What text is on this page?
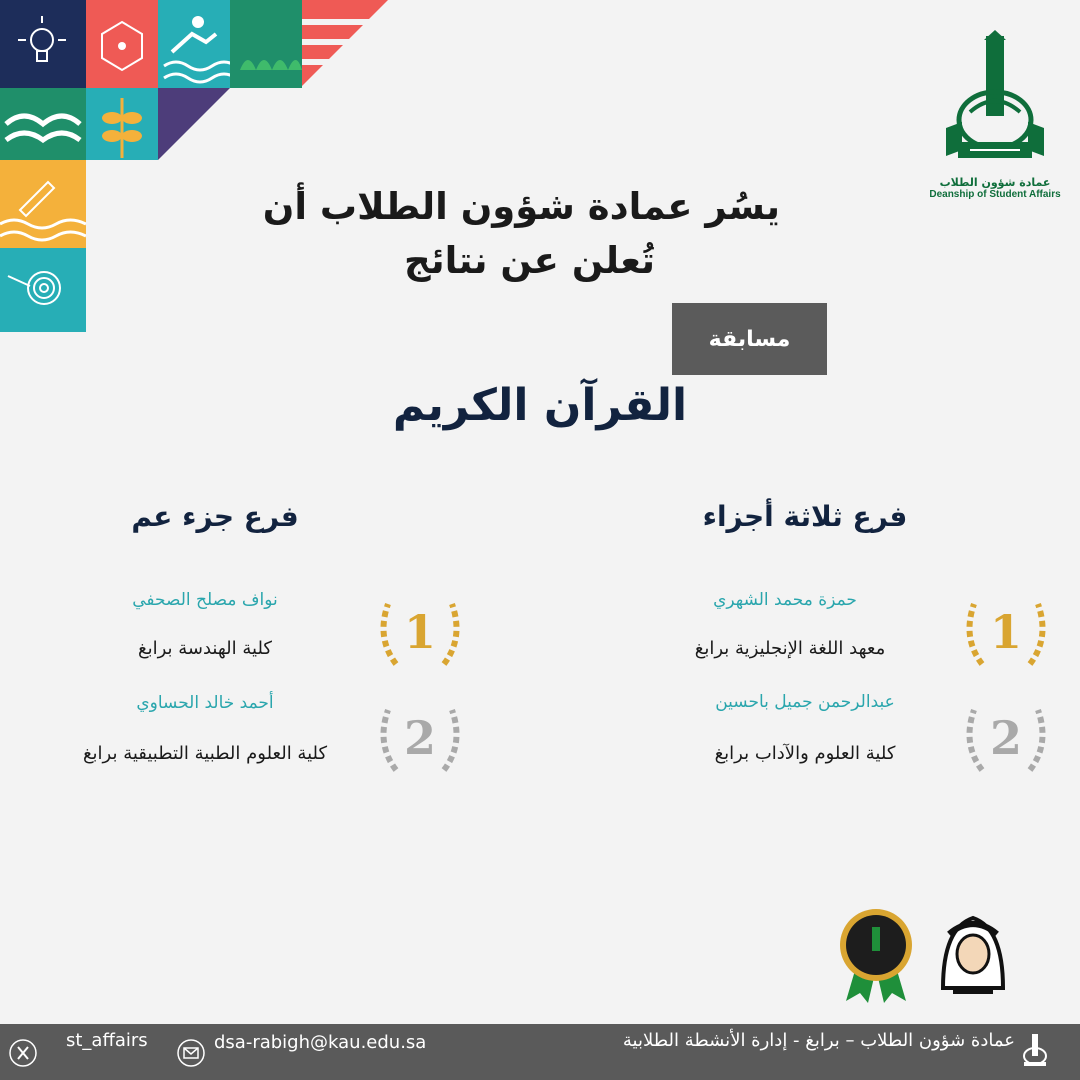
عمادة شؤون الطلاب
Deanship of Student Affairs
يسُر عمادة شؤون الطلاب أن
تُعلن عن نتائج
مسابقة
القرآن الكريم
فرع ثلاثة أجزاء
حمزة محمد الشهري
معهد اللغة الإنجليزية برابغ	1
عبدالرحمن جميل باحسين
كلية العلوم والآداب برابغ	2
فرع جزء عم
نواف مصلح الصحفي
كلية الهندسة برابغ	1
أحمد خالد الحساوي
كلية العلوم الطبية التطبيقية برابغ	2
st_affairs	dsa-rabigh@kau.edu.sa	عمادة شؤون الطلاب – برابغ - إدارة الأنشطة الطلابية
